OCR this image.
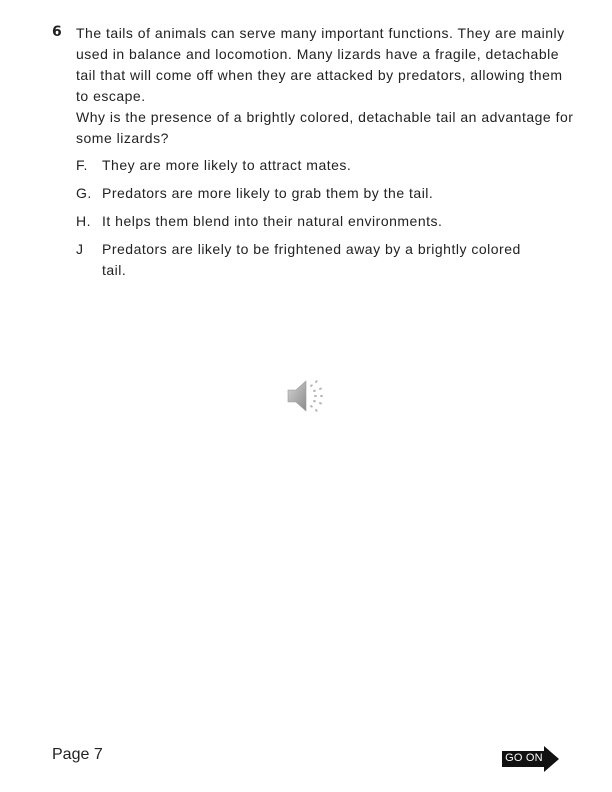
6 The tails of animals can serve many important functions. They are mainly used in balance and locomotion. Many lizards have a fragile, detachable tail that will come off when they are attacked by predators, allowing them to escape.

Why is the presence of a brightly colored, detachable tail an advantage for some lizards?

F.	They are more likely to attract mates.
G. Predators are more likely to grab them by the tail.
H. It helps them blend into their natural environments.
J	Predators are likely to be frightened away by a brightly colored tail.
Page 7	GO ON
